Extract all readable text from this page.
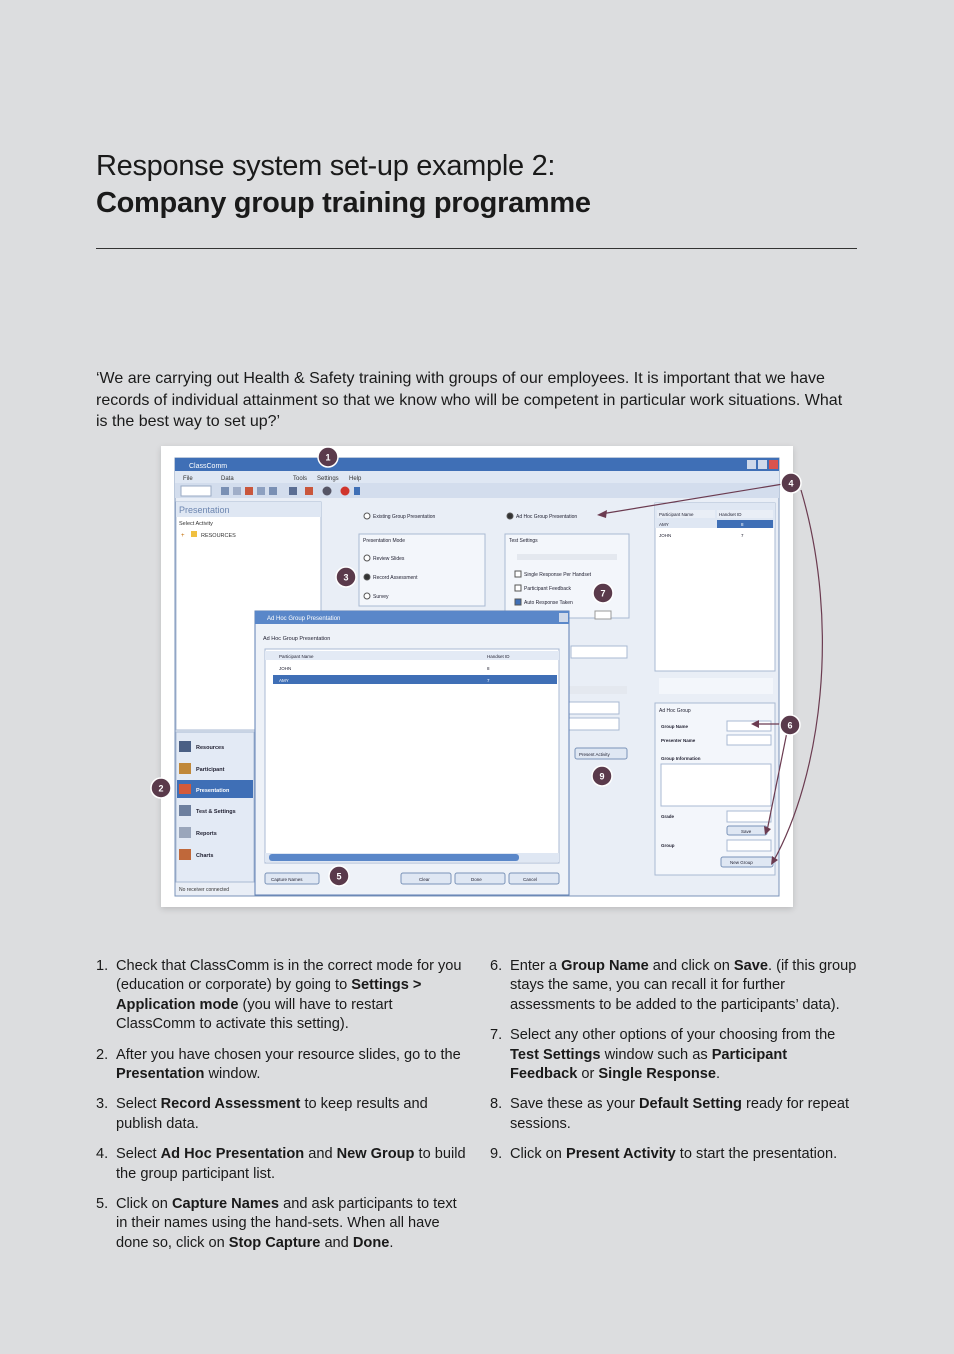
Response system set-up example 2:
Company group training programme

‘We are carrying out Health & Safety training with groups of our employees. It is important that we have records of individual attainment so that we know who will be competent in particular work situations. What is the best way to set up?’

ClassComm
File	Data	Tools Settings Help
Presentation
Select Activity
+	RESOURCES
Resources
Participant
Presentation
Test & Settings
Reports
Charts
No receiver connected
Existing Group Presentation	Ad Hoc Group Presentation
Presentation Mode
Review Slides
Record Assessment
Survey
Test Settings
Single Response Per Handset
Participant Feedback
Auto Response Taken
Present Activity
Participant Name	Handset ID
AMY	8
JOHN	7
Ad Hoc Group
Group Name
Presenter Name
Group Information
Grade
Group
Save
New Group
Ad Hoc Group Presentation
Ad Hoc Group Presentation
Participant Name	Handset ID
JOHN	8
AMY	7
Capture Names	Clear	Done	Cancel
1
2
3
4
5
6
7
9
1. Check that ClassComm is in the correct mode for you (education or corporate) by going to Settings > Application mode (you will have to restart ClassComm to activate this setting).
2. After you have chosen your resource slides, go to the Presentation window.
3. Select Record Assessment to keep results and publish data.
4. Select Ad Hoc Presentation and New Group to build the group participant list.
5. Click on Capture Names and ask participants to text in their names using the hand-sets. When all have done so, click on Stop Capture and Done.
6. Enter a Group Name and click on Save. (if this group stays the same, you can recall it for further assessments to be added to the participants’ data).
7. Select any other options of your choosing from the Test Settings window such as Participant Feedback or Single Response.
8. Save these as your Default Setting ready for repeat sessions.
9. Click on Present Activity to start the presentation.
